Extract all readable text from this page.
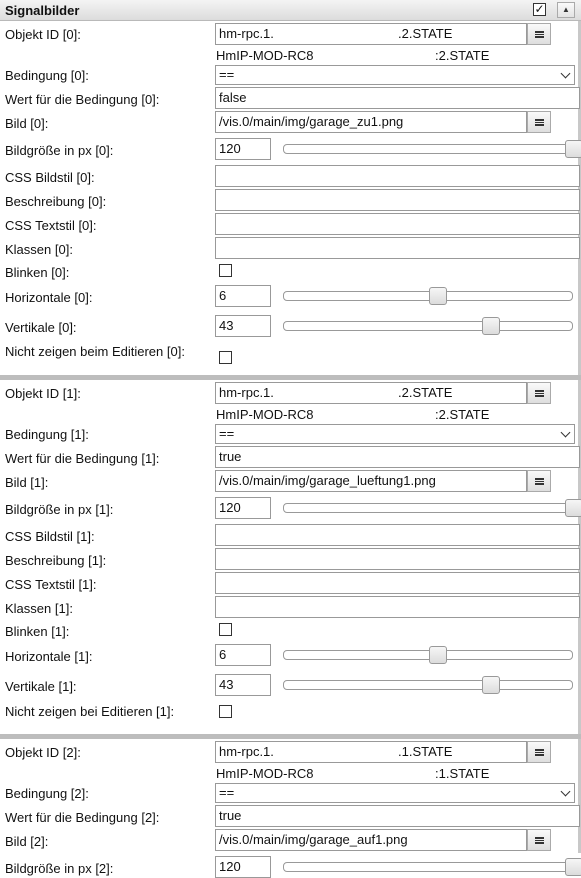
Signalbilder	✓	▲
Objekt ID [0]:	hm-rpc.1.	.2.STATE
HmIP-MOD-RC8	:2.STATE
Bedingung [0]:	==
Wert für die Bedingung [0]:	false
Bild [0]:	/vis.0/main/img/garage_zu1.png
Bildgröße in px [0]:	120
CSS Bildstil [0]:
Beschreibung [0]:
CSS Textstil [0]:
Klassen [0]:
Blinken [0]:
Horizontale [0]:	6
Vertikale [0]:	43
Nicht zeigen beim Editieren [0]:
Objekt ID [1]:	hm-rpc.1.	.2.STATE
HmIP-MOD-RC8	:2.STATE
Bedingung [1]:	==
Wert für die Bedingung [1]:	true
Bild [1]:	/vis.0/main/img/garage_lueftung1.png
Bildgröße in px [1]:	120
CSS Bildstil [1]:
Beschreibung [1]:
CSS Textstil [1]:
Klassen [1]:
Blinken [1]:
Horizontale [1]:	6
Vertikale [1]:	43
Nicht zeigen bei Editieren [1]:
Objekt ID [2]:	hm-rpc.1.	.1.STATE
HmIP-MOD-RC8	:1.STATE
Bedingung [2]:	==
Wert für die Bedingung [2]:	true
Bild [2]:	/vis.0/main/img/garage_auf1.png
Bildgröße in px [2]:	120
